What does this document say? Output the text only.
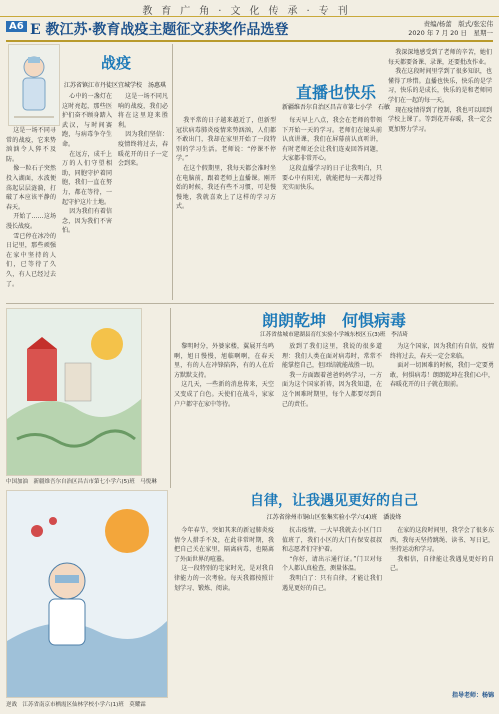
教育广角·文化传承·专刊
A6 E 教江苏·教育战疫主题征文获奖作品选登	责编/杨蕾　版式/张宏伟
2020 年 7 月 20 日　星期一
战疫
江苏省镇江市丹徒区宜城学校　汤惠琪

这是一场不同寻常的战疫，它来势汹汹令人猝不及防。

像一粒石子突然投入湖面，水波便荡起层层涟漪，打破了本应该平静的春天。

开始了……这场漫长战疫。

雪已停在冰冷的日记里，那些顽强在家中坚持的人们，已等待了久久，有人已经过去了。

心中的一盏灯在这时亮起，那些医护们奋不顾身踏入武汉，与时间赛跑，与病毒争夺生命。

在远方，成千上万的人们守望相助，同胞守护着同胞，我们一直在努力，都在等待，一起守护这片土地。

因为我们有着信念，因为我们不害怕。

这是一场不同凡响的战疫，我们必将在这里迎来胜利。

因为我们坚信：疫情终将过去，春暖花开的日子一定会到来。

直播也快乐
新疆维吾尔自治区昌吉市第七小学　石敏

我平常的日子越来越近了，但新型冠状病毒肺炎疫情来势汹汹，人们都不敢出门，我却在家里开始了一段特别的学习生活。老师说：“停课不停学。”

在这个假期里，我每天都会准时坐在电脑前，跟着老师上直播课。刚开始的时候，我还有些不习惯，可是慢慢地，我就喜欢上了这样的学习方式。

每天早上八点，我会在老师的带领下开始一天的学习。老师们在镜头前认真讲课，我们在屏幕前认真听讲，有时老师还会让我们连麦回答问题，大家都非常开心。

这段直播学习的日子让我明白，只要心中有阳光，就能把每一天都过得充实而快乐。

我深深地感受到了老师的辛苦，她们每天都要备课、录课，还要批改作业。

我在这段时间里学到了很多知识，也懂得了珍惜。直播也快乐，快乐的是学习，快乐的是成长，快乐的是和老师同学们在一起的每一天。

现在疫情得到了控制，我也可以回到学校上课了。等到花开春暖，我一定会更加努力学习。

中国加油　新疆维吾尔自治区昌吉市第七小学六(5)班　马悦琳
朗朗乾坤　何惧病毒
江苏省盐城市建湖县育红实验小学城东校区五(3)班　李洁琦

黎明时分，外婆家楼，翼展开鸟鸣啊，旭日慢慢，旭临啊啊，在春天里，有的人在冲锋陷阵，有的人在后方默默支持。

这几天，一些新的消息传来，天空又变成了白色。天使们在战斗，家家户户都守在家中等待。

放到了我们这里，我说的很多道理：我们人类在面对病毒时，常常不能掌控自己，但团结就能战胜一切。

我一方面跟着爸爸妈妈学习，一方面为这个国家祈祷，因为我知道，在这个困难时期里，每个人都要尽到自己的责任。

为这个国家，因为我们有自信，疫情终将过去，春天一定会来临。

面对一切困难的时候，我们一定要勇敢，何惧病毒！朗朗乾坤在我们心中，春暖花开的日子就在眼前。

自律，让我遇见更好的自己
江苏省徐州市铜山区张集实验小学六(4)班　潘浚烽

今年春节，突如其来的新冠肺炎疫情令人措手不及，在此非常时期，我把自己关在家里，隔离病毒，也隔离了外面世界的喧嚣。

这一段特别的宅家时光，是对我自律能力的一次考验。每天我都按照计划学习、锻炼、阅读。

抗击疫情，一大早我就去小区门口值班了，我们小区的大门有保安叔叔和志愿者们守护着。

“你好，请出示通行证。”门卫对每个人都认真检查，测量体温。

我明白了：只有自律，才能让我们遇见更好的自己。

在家的这段时间里，我学会了很多东西，我每天坚持跳绳、读书、写日记，坚持运动和学习。

我相信，自律能让我遇见更好的自己。

指导老师：杨锦
逆战　江苏省南京市栖霞区仙林学校小学六(1)班　莫耀霖
